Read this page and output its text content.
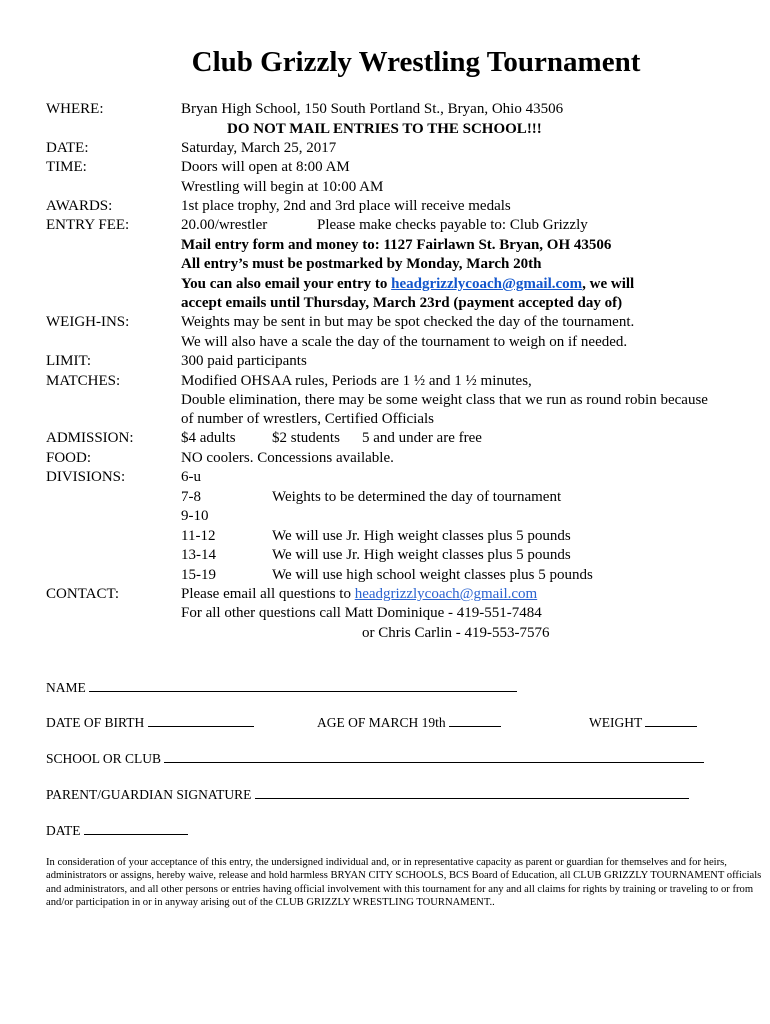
Club Grizzly Wrestling Tournament
WHERE:	Bryan High School, 150 South Portland St., Bryan, Ohio 43506
DO NOT MAIL ENTRIES TO THE SCHOOL!!!
DATE:	Saturday, March 25, 2017
TIME:	Doors will open at 8:00 AM
Wrestling will begin at 10:00 AM
AWARDS:	1st place trophy, 2nd and 3rd place will receive medals
ENTRY FEE:	20.00/wrestler	Please make checks payable to: Club Grizzly
Mail entry form and money to: 1127 Fairlawn St. Bryan, OH 43506
All entry’s must be postmarked by Monday, March 20th
You can also email your entry to headgrizzlycoach@gmail.com, we will
accept emails until Thursday, March 23rd (payment accepted day of)
WEIGH-INS:	Weights may be sent in but may be spot checked the day of the tournament.
We will also have a scale the day of the tournament to weigh on if needed.
LIMIT:	300 paid participants
MATCHES:	Modified OHSAA rules, Periods are 1 ½ and 1 ½ minutes,
Double elimination, there may be some weight class that we run as round robin because
of number of wrestlers, Certified Officials
ADMISSION:	$4 adults $2 students 5 and under are free
FOOD:	NO coolers. Concessions available.
DIVISIONS:	6-u
7-8	Weights to be determined the day of tournament
9-10
11-12	We will use Jr. High weight classes plus 5 pounds
13-14	We will use Jr. High weight classes plus 5 pounds
15-19	We will use high school weight classes plus 5 pounds
CONTACT:	Please email all questions to headgrizzlycoach@gmail.com
For all other questions call Matt Dominique - 419-551-7484
or Chris Carlin - 419-553-7576
NAME
DATE OF BIRTH	AGE OF MARCH 19th	WEIGHT
SCHOOL OR CLUB
PARENT/GUARDIAN SIGNATURE
DATE
In consideration of your acceptance of this entry, the undersigned individual and, or in representative capacity as parent or guardian for themselves and for heirs, administrators or assigns, hereby waive, release and hold harmless BRYAN CITY SCHOOLS, BCS Board of Education, all CLUB GRIZZLY TOURNAMENT officials and administrators, and all other persons or entries having official involvement with this tournament for any and all claims for rights by training or traveling to or from and/or participation in or in anyway arising out of the CLUB GRIZZLY WRESTLING TOURNAMENT..
